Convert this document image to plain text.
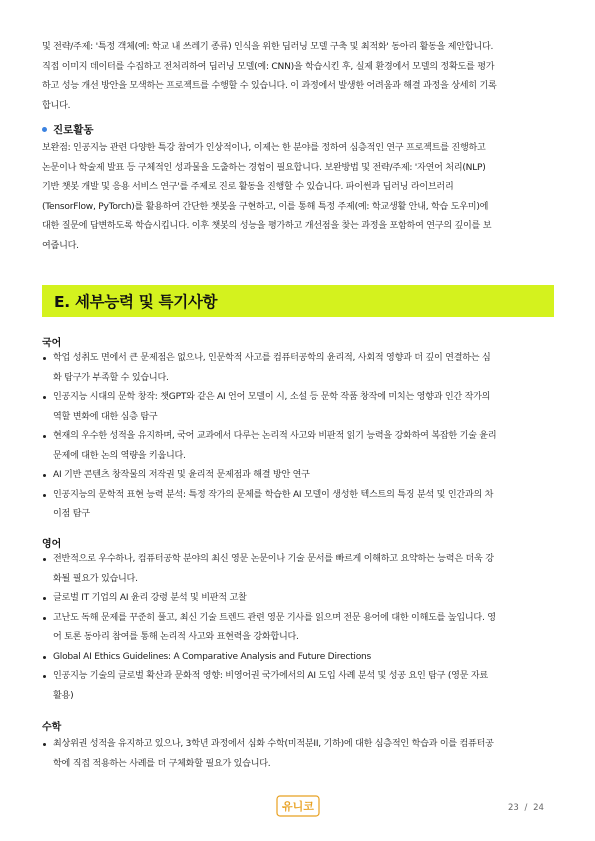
및 전략/주제: '특정 객체(예: 학교 내 쓰레기 종류) 인식을 위한 딥러닝 모델 구축 및 최적화' 동아리 활동을 제안합니다.
직접 이미지 데이터를 수집하고 전처리하여 딥러닝 모델(예: CNN)을 학습시킨 후, 실제 환경에서 모델의 정확도를 평가
하고 성능 개선 방안을 모색하는 프로젝트를 수행할 수 있습니다. 이 과정에서 발생한 어려움과 해결 과정을 상세히 기록
합니다.

진로활동

보완점: 인공지능 관련 다양한 특강 참여가 인상적이나, 이제는 한 분야를 정하여 심층적인 연구 프로젝트를 진행하고
논문이나 학술제 발표 등 구체적인 성과물을 도출하는 경험이 필요합니다. 보완방법 및 전략/주제: '자연어 처리(NLP)
기반 챗봇 개발 및 응용 서비스 연구'를 주제로 진로 활동을 진행할 수 있습니다. 파이썬과 딥러닝 라이브러리
(TensorFlow, PyTorch)를 활용하여 간단한 챗봇을 구현하고, 이를 통해 특정 주제(예: 학교생활 안내, 학습 도우미)에
대한 질문에 답변하도록 학습시킵니다. 이후 챗봇의 성능을 평가하고 개선점을 찾는 과정을 포함하여 연구의 깊이를 보
여줍니다.

E. 세부능력 및 특기사항
국어
학업 성취도 면에서 큰 문제점은 없으나, 인문학적 사고를 컴퓨터공학의 윤리적, 사회적 영향과 더 깊이 연결하는 심
화 탐구가 부족할 수 있습니다.
인공지능 시대의 문학 창작: 챗GPT와 같은 AI 언어 모델이 시, 소설 등 문학 작품 창작에 미치는 영향과 인간 작가의
역할 변화에 대한 심층 탐구
현재의 우수한 성적을 유지하며, 국어 교과에서 다루는 논리적 사고와 비판적 읽기 능력을 강화하여 복잡한 기술 윤리
문제에 대한 논의 역량을 키웁니다.
AI 기반 콘텐츠 창작물의 저작권 및 윤리적 문제점과 해결 방안 연구
인공지능의 문학적 표현 능력 분석: 특정 작가의 문체를 학습한 AI 모델이 생성한 텍스트의 특징 분석 및 인간과의 차
이점 탐구
영어
전반적으로 우수하나, 컴퓨터공학 분야의 최신 영문 논문이나 기술 문서를 빠르게 이해하고 요약하는 능력은 더욱 강
화될 필요가 있습니다.
글로벌 IT 기업의 AI 윤리 강령 분석 및 비판적 고찰
고난도 독해 문제를 꾸준히 풀고, 최신 기술 트렌드 관련 영문 기사를 읽으며 전문 용어에 대한 이해도를 높입니다. 영
어 토론 동아리 참여를 통해 논리적 사고와 표현력을 강화합니다.
Global AI Ethics Guidelines: A Comparative Analysis and Future Directions
인공지능 기술의 글로벌 확산과 문화적 영향: 비영어권 국가에서의 AI 도입 사례 분석 및 성공 요인 탐구 (영문 자료
활용)
수학
최상위권 성적을 유지하고 있으나, 3학년 과정에서 심화 수학(미적분II, 기하)에 대한 심층적인 학습과 이를 컴퓨터공
학에 직접 적용하는 사례를 더 구체화할 필요가 있습니다.
유니코	23 / 24
